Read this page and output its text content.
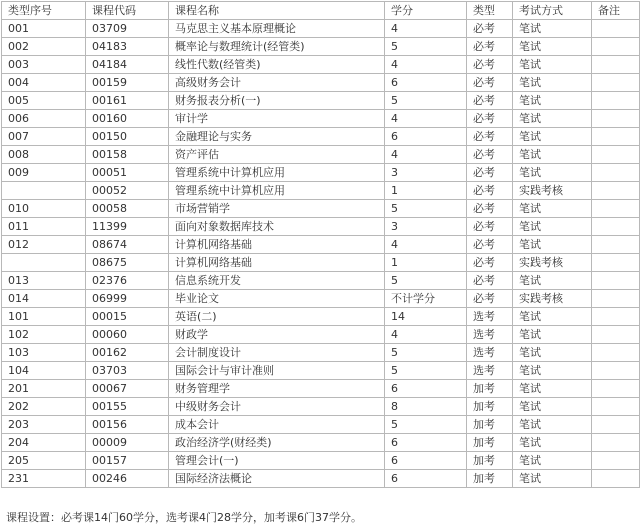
类型序号	课程代码	课程名称	学分	类型	考试方式	备注
001	03709	马克思主义基本原理概论	4	必考	笔试	
002	04183	概率论与数理统计(经管类)	5	必考	笔试	
003	04184	线性代数(经管类)	4	必考	笔试	
004	00159	高级财务会计	6	必考	笔试	
005	00161	财务报表分析(一)	5	必考	笔试	
006	00160	审计学	4	必考	笔试	
007	00150	金融理论与实务	6	必考	笔试	
008	00158	资产评估	4	必考	笔试	
009	00051	管理系统中计算机应用	3	必考	笔试	
	00052	管理系统中计算机应用	1	必考	实践考核	
010	00058	市场营销学	5	必考	笔试	
011	11399	面向对象数据库技术	3	必考	笔试	
012	08674	计算机网络基础	4	必考	笔试	
	08675	计算机网络基础	1	必考	实践考核	
013	02376	信息系统开发	5	必考	笔试	
014	06999	毕业论文	不计学分	必考	实践考核	
101	00015	英语(二)	14	选考	笔试	
102	00060	财政学	4	选考	笔试	
103	00162	会计制度设计	5	选考	笔试	
104	03703	国际会计与审计准则	5	选考	笔试	
201	00067	财务管理学	6	加考	笔试	
202	00155	中级财务会计	8	加考	笔试	
203	00156	成本会计	5	加考	笔试	
204	00009	政治经济学(财经类)	6	加考	笔试	
205	00157	管理会计(一)	6	加考	笔试	
231	00246	国际经济法概论	6	加考	笔试	
课程设置：必考课14门60学分，选考课4门28学分，加考课6门37学分。
